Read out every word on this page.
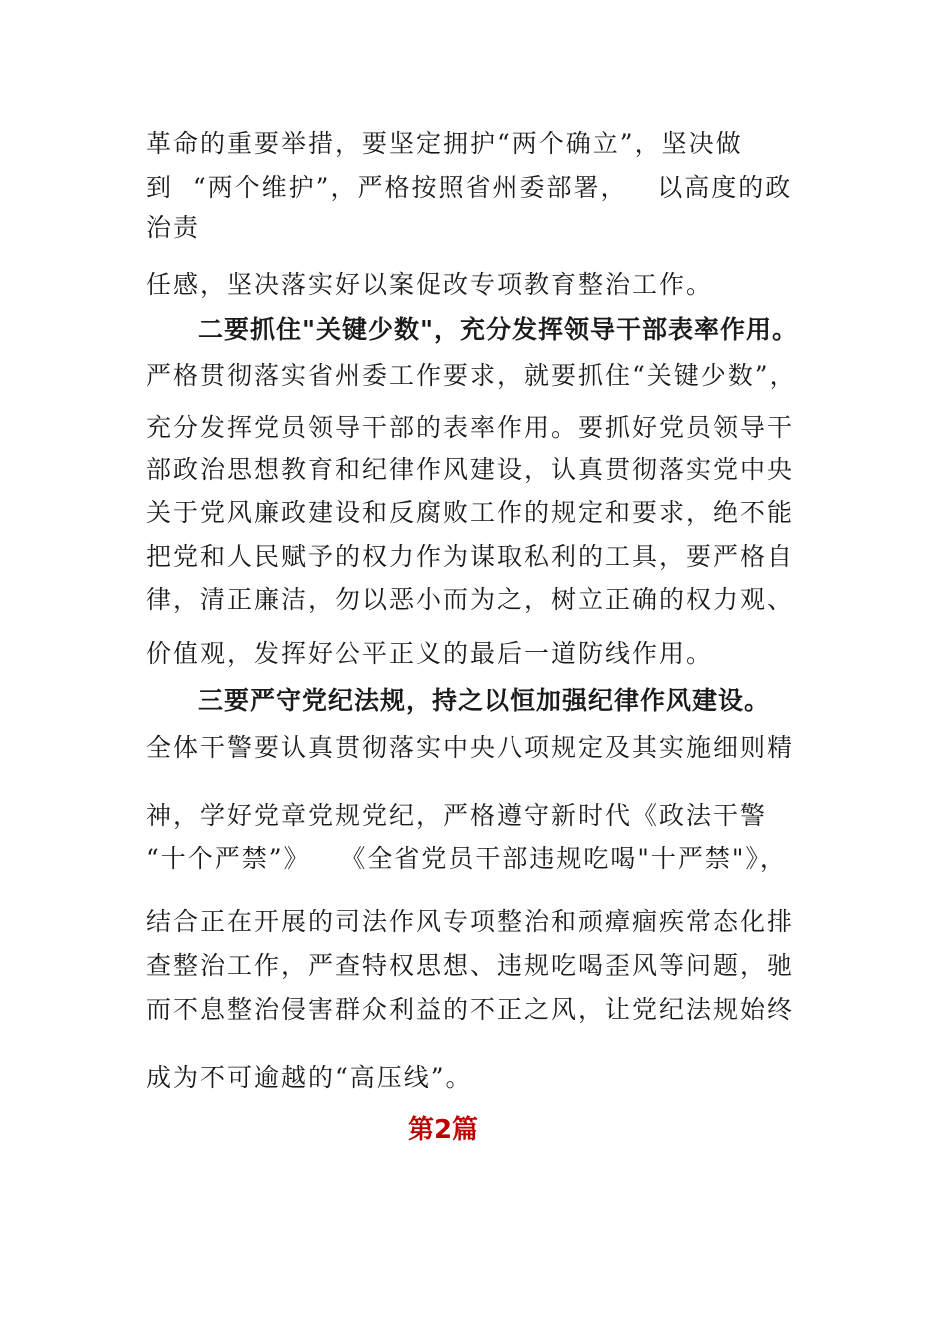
革命的重要举措，要坚定拥护“两个确立”，坚决做
到  “两个维护”，严格按照省州委部署，   以高度的政
治责
任感，坚决落实好以案促改专项教育整治工作。
二要抓住"关键少数"，充分发挥领导干部表率作用。
严格贯彻落实省州委工作要求，就要抓住“关键少数”，
充分发挥党员领导干部的表率作用。要抓好党员领导干
部政治思想教育和纪律作风建设，认真贯彻落实党中央
关于党风廉政建设和反腐败工作的规定和要求，绝不能
把党和人民赋予的权力作为谋取私利的工具，要严格自
律，清正廉洁，勿以恶小而为之，树立正确的权力观、
价值观，发挥好公平正义的最后一道防线作用。
三要严守党纪法规，持之以恒加强纪律作风建设。
全体干警要认真贯彻落实中央八项规定及其实施细则精
神，学好党章党规党纪，严格遵守新时代《政法干警
“十个严禁”》   《全省党员干部违规吃喝"十严禁"》，
结合正在开展的司法作风专项整治和顽瘴痼疾常态化排
查整治工作，严查特权思想、违规吃喝歪风等问题，驰
而不息整治侵害群众利益的不正之风，让党纪法规始终
成为不可逾越的“高压线”。
第2篇
